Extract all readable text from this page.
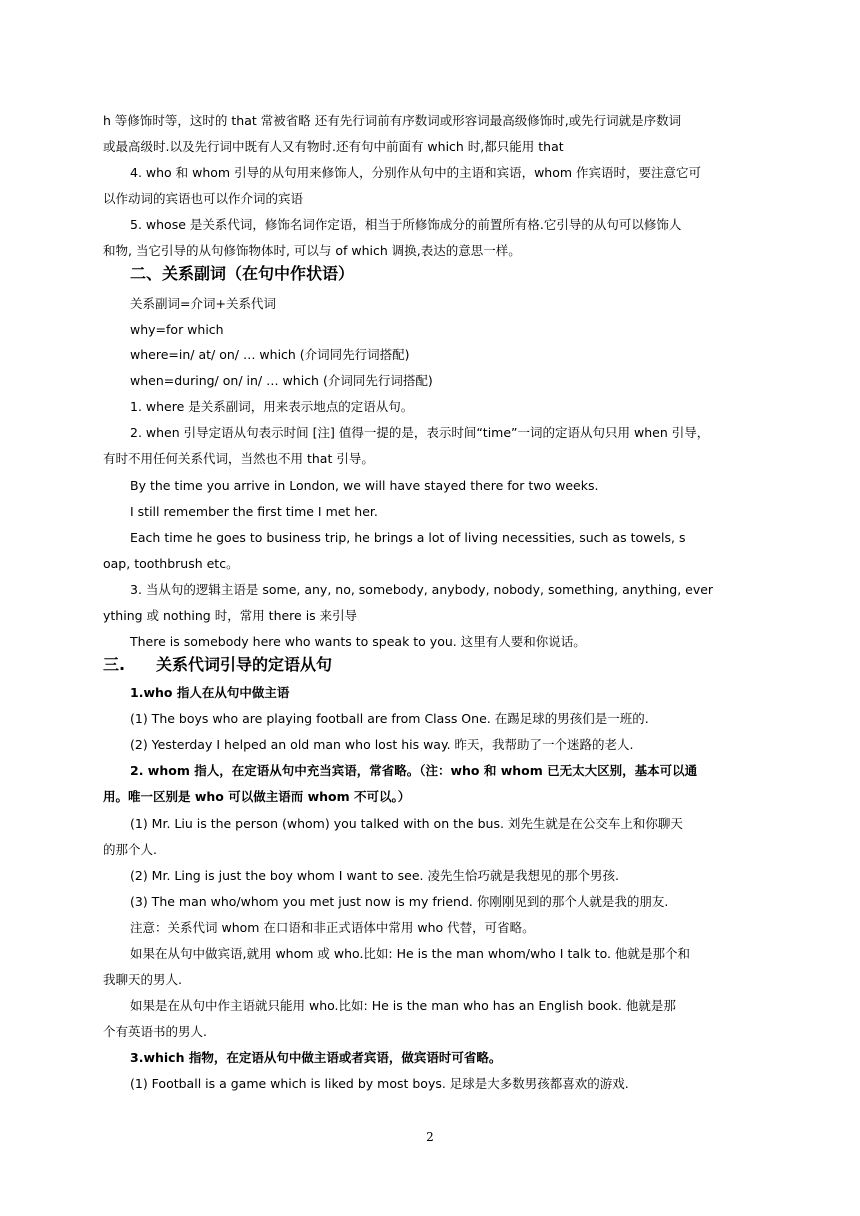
h 等修饰时等，这时的 that 常被省略 还有先行词前有序数词或形容词最高级修饰时,或先行词就是序数词
或最高级时.以及先行词中既有人又有物时.还有句中前面有 which 时,都只能用 that
4. who 和 whom 引导的从句用来修饰人，分别作从句中的主语和宾语，whom 作宾语时，要注意它可
以作动词的宾语也可以作介词的宾语
5. whose 是关系代词，修饰名词作定语，相当于所修饰成分的前置所有格.它引导的从句可以修饰人
和物, 当它引导的从句修饰物体时, 可以与 of which 调换,表达的意思一样。
二、关系副词（在句中作状语）
关系副词=介词+关系代词
why=for which
where=in/ at/ on/ … which (介词同先行词搭配)
when=during/ on/ in/ … which (介词同先行词搭配)
1. where 是关系副词，用来表示地点的定语从句。
2. when 引导定语从句表示时间 [注] 值得一提的是，表示时间“time”一词的定语从句只用 when 引导，
有时不用任何关系代词，当然也不用 that 引导。
By the time you arrive in London, we will have stayed there for two weeks.
I still remember the first time I met her.
Each time he goes to business trip, he brings a lot of living necessities, such as towels, s
oap, toothbrush etc。
3. 当从句的逻辑主语是 some, any, no, somebody, anybody, nobody, something, anything, ever
ything 或 nothing 时，常用 there is 来引导
There is somebody here who wants to speak to you. 这里有人要和你说话。
三. 关系代词引导的定语从句
1.who 指人在从句中做主语
(1) The boys who are playing football are from Class One. 在踢足球的男孩们是一班的.
(2) Yesterday I helped an old man who lost his way. 昨天，我帮助了一个迷路的老人.
2. whom 指人，在定语从句中充当宾语，常省略。（注：who 和 whom 已无太大区别，基本可以通
用。唯一区别是 who 可以做主语而 whom 不可以。）
(1) Mr. Liu is the person (whom) you talked with on the bus. 刘先生就是在公交车上和你聊天
的那个人.
(2) Mr. Ling is just the boy whom I want to see. 凌先生恰巧就是我想见的那个男孩.
(3) The man who/whom you met just now is my friend. 你刚刚见到的那个人就是我的朋友.
注意：关系代词 whom 在口语和非正式语体中常用 who 代替，可省略。
如果在从句中做宾语,就用 whom 或 who.比如: He is the man whom/who I talk to. 他就是那个和
我聊天的男人.
如果是在从句中作主语就只能用 who.比如: He is the man who has an English book. 他就是那
个有英语书的男人.
3.which 指物，在定语从句中做主语或者宾语，做宾语时可省略。
(1) Football is a game which is liked by most boys. 足球是大多数男孩都喜欢的游戏.
2
